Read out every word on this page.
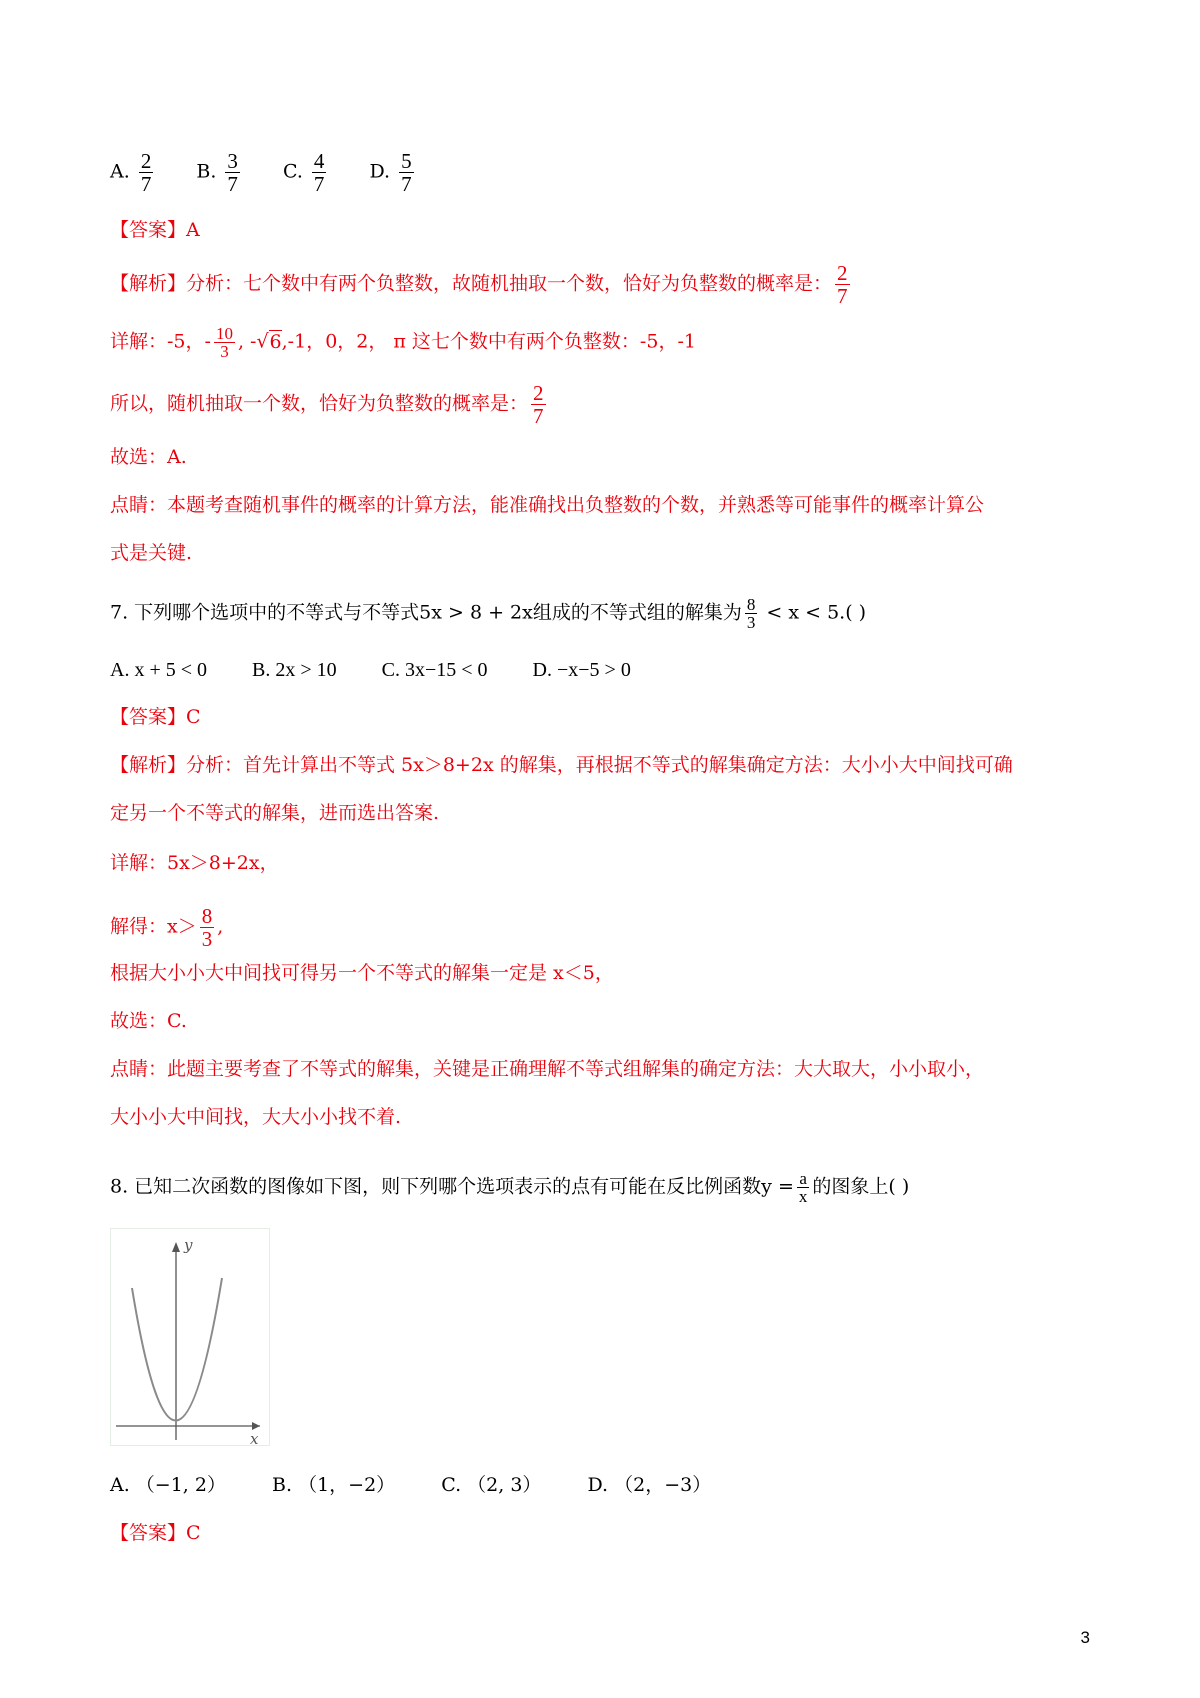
A. $\frac{2}{7} B$. $\frac{3}{7} C$. $\frac{4}{7} D$. $\frac{5}{7}$
【答案】A
【解析】分析：七个数中有两个负整数，故随机抽取一个数，恰好为负整数的概率是： $\frac{2}{7}$
详解：-5，- $\frac{10}{3}$ , -√6,-1，0，2， π 这七个数中有两个负整数：-5，-1
所以，随机抽取一个数，恰好为负整数的概率是： $\frac{2}{7}$
故选：A.
点睛：本题考查随机事件的概率的计算方法，能准确找出负整数的个数，并熟悉等可能事件的概率计算公
式是关键.
7. 下列哪个选项中的不等式与不等式5x > 8 + 2x组成的不等式组的解集为 $\frac{8}{3} < x < 5$.( )
A. x + 5 < 0 B. 2x > 10 C. 3x−15 < 0 D. −x−5 > 0
【答案】C
【解析】分析：首先计算出不等式 5x＞8+2x 的解集，再根据不等式的解集确定方法：大小小大中间找可确
定另一个不等式的解集，进而选出答案.
详解：5x＞8+2x，
解得：$x> \frac{8}{3}$ ,
根据大小小大中间找可得另一个不等式的解集一定是 x＜5，
故选：C.
点睛：此题主要考查了不等式的解集，关键是正确理解不等式组解集的确定方法：大大取大，小小取小，
大小小大中间找，大大小小找不着.
8. 已知二次函数的图像如下图，则下列哪个选项表示的点有可能在反比例函数$y = \frac{a}{x}$ 的图象上( )
y
x
A. （−1, 2） B. （1，−2） C. （2, 3） D. （2，−3）
【答案】C
3
